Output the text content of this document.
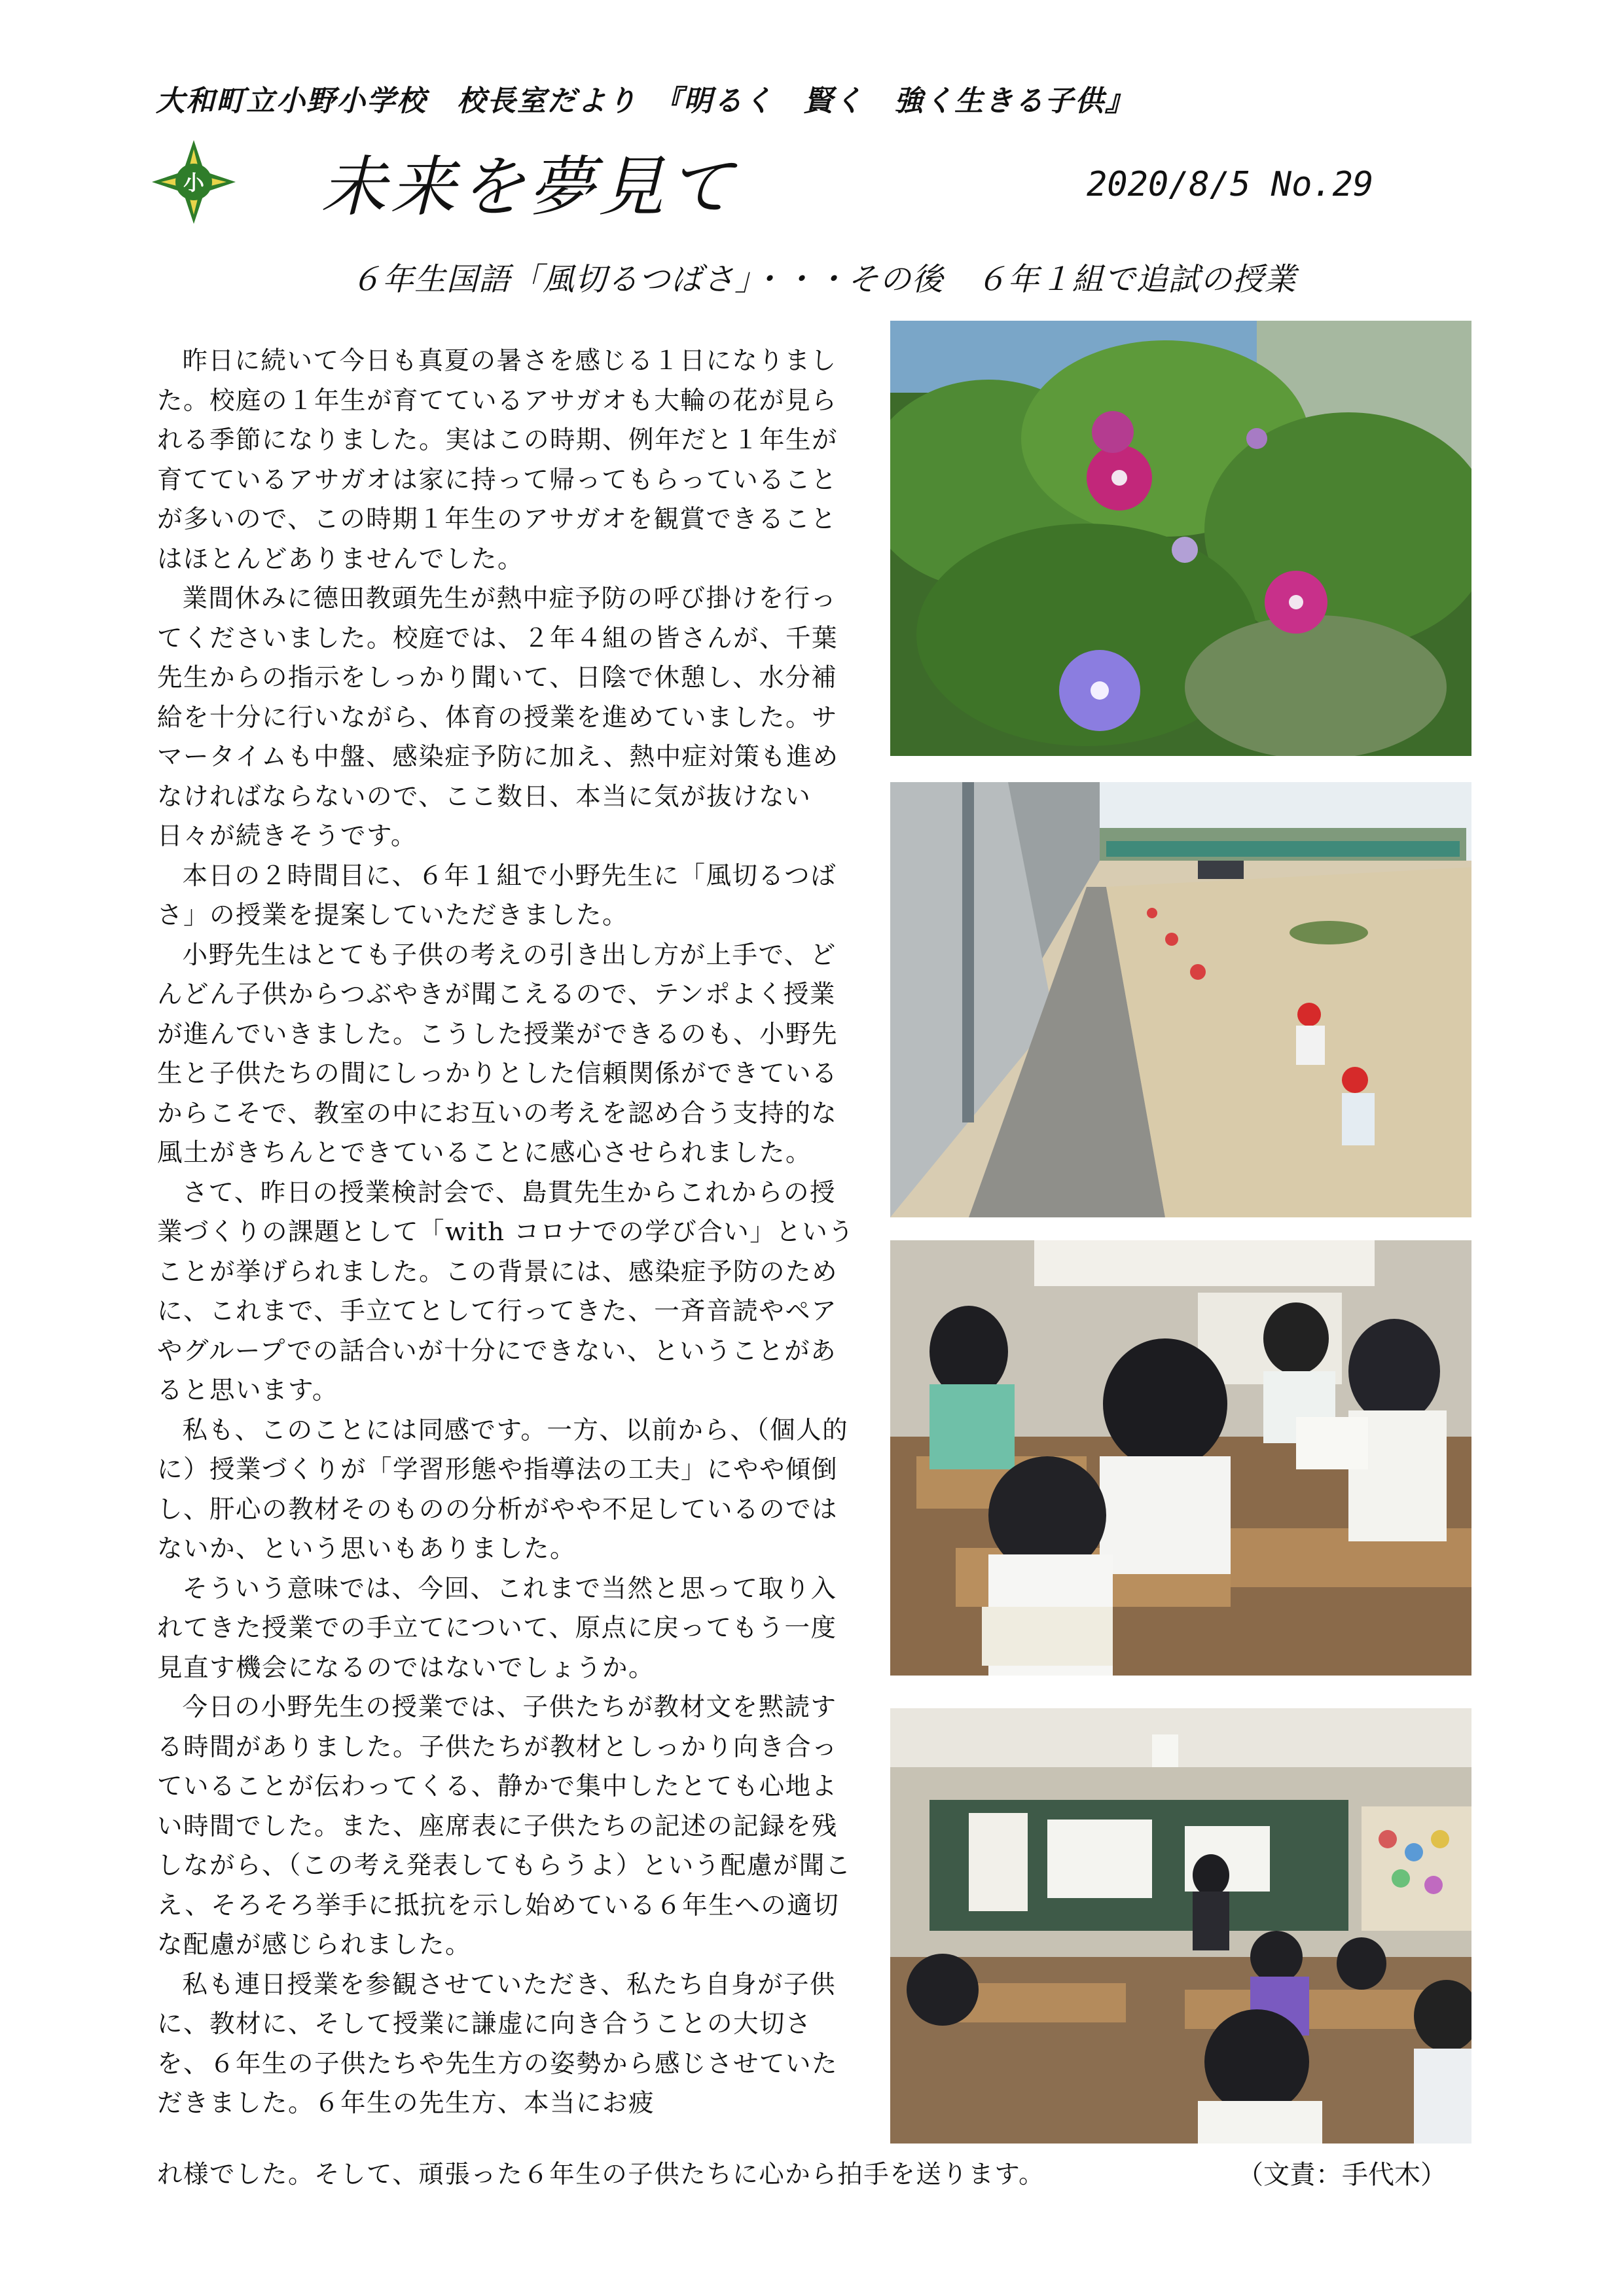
大和町立小野小学校　校長室だより　『明るく　賢く　強く生きる子供』
小 未来を夢見て	2020/8/5 No.29
６年生国語「風切るつばさ」・・・その後　６年１組で追試の授業

昨日に続いて今日も真夏の暑さを感じる１日になりました。校庭の１年生が育てているアサガオも大輪の花が見られる季節になりました。実はこの時期、例年だと１年生が育てているアサガオは家に持って帰ってもらっていることが多いので、この時期１年生のアサガオを観賞できることはほとんどありませんでした。

業間休みに德田教頭先生が熱中症予防の呼び掛けを行ってくださいました。校庭では、２年４組の皆さんが、千葉先生からの指示をしっかり聞いて、日陰で休憩し、水分補給を十分に行いながら、体育の授業を進めていました。サマータイムも中盤、感染症予防に加え、熱中症対策も進めなければならないので、ここ数日、本当に気が抜けない日々が続きそうです。

本日の２時間目に、６年１組で小野先生に「風切るつばさ」の授業を提案していただきました。

小野先生はとても子供の考えの引き出し方が上手で、どんどん子供からつぶやきが聞こえるので、テンポよく授業が進んでいきました。こうした授業ができるのも、小野先生と子供たちの間にしっかりとした信頼関係ができているからこそで、教室の中にお互いの考えを認め合う支持的な風土がきちんとできていることに感心させられました。

さて、昨日の授業検討会で、島貫先生からこれからの授業づくりの課題として「with コロナでの学び合い」ということが挙げられました。この背景には、感染症予防のために、これまで、手立てとして行ってきた、一斉音読やペアやグループでの話合いが十分にできない、ということがあると思います。

私も、このことには同感です。一方、以前から、（個人的に）授業づくりが「学習形態や指導法の工夫」にやや傾倒し、肝心の教材そのものの分析がやや不足しているのではないか、という思いもありました。

そういう意味では、今回、これまで当然と思って取り入れてきた授業での手立てについて、原点に戻ってもう一度見直す機会になるのではないでしょうか。

今日の小野先生の授業では、子供たちが教材文を黙読する時間がありました。子供たちが教材としっかり向き合っていることが伝わってくる、静かで集中したとても心地よい時間でした。また、座席表に子供たちの記述の記録を残しながら、（この考え発表してもらうよ）という配慮が聞こえ、そろそろ挙手に抵抗を示し始めている６年生への適切な配慮が感じられました。

私も連日授業を参観させていただき、私たち自身が子供に、教材に、そして授業に謙虚に向き合うことの大切さを、６年生の子供たちや先生方の姿勢から感じさせていただきました。６年生の先生方、本当にお疲

れ様でした。そして、頑張った６年生の子供たちに心から拍手を送ります。	（文責：手代木）
